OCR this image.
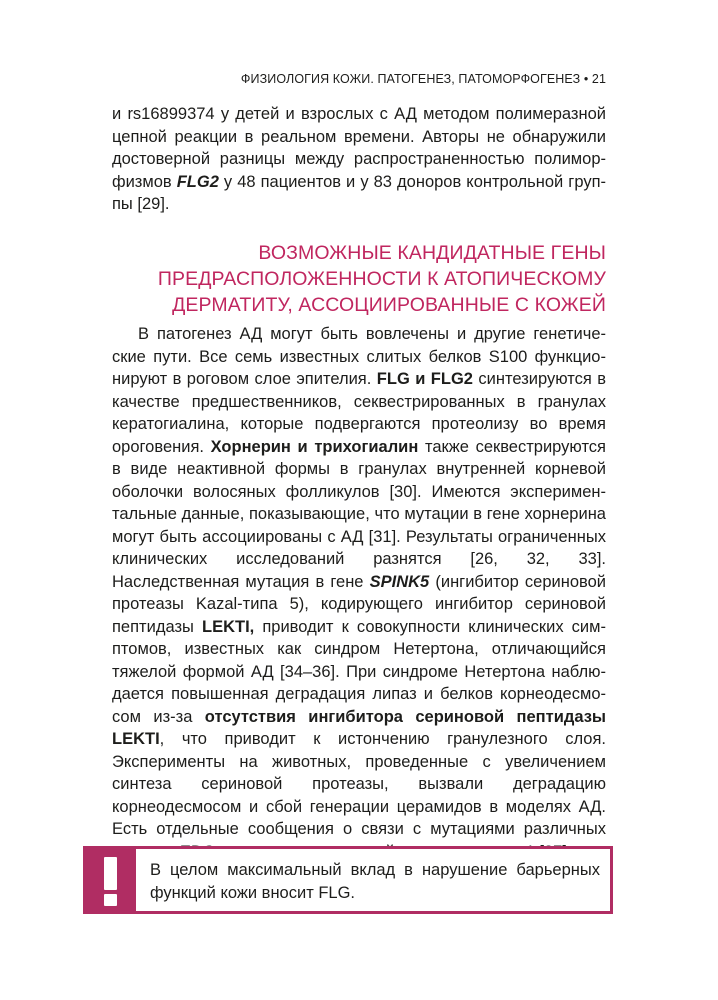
ФИЗИОЛОГИЯ КОЖИ. ПАТОГЕНЕЗ, ПАТОМОРФОГЕНЕЗ • 21
и rs16899374 у детей и взрослых с АД методом полимеразной цепной реакции в реальном времени. Авторы не обнаружили достоверной разницы между распространенностью полиморфизмов FLG2 у 48 пациентов и у 83 доноров контрольной группы [29].
ВОЗМОЖНЫЕ КАНДИДАТНЫЕ ГЕНЫ
ПРЕДРАСПОЛОЖЕННОСТИ К АТОПИЧЕСКОМУ
ДЕРМАТИТУ, АССОЦИИРОВАННЫЕ С КОЖЕЙ
В патогенез АД могут быть вовлечены и другие генетические пути. Все семь известных слитых белков S100 функционируют в роговом слое эпителия. FLG и FLG2 синтезируются в качестве предшественников, секвестрированных в гранулах кератогиалина, которые подвергаются протеолизу во время ороговения. Хорнерин и трихогиалин также секвестрируются в виде неактивной формы в гранулах внутренней корневой оболочки волосяных фолликулов [30]. Имеются экспериментальные данные, показывающие, что мутации в гене хорнерина могут быть ассоциированы с АД [31]. Результаты ограниченных клинических исследований разнятся [26, 32, 33]. Наследственная мутация в гене SPINK5 (ингибитор сериновой протеазы Kazal-типа 5), кодирующего ингибитор сериновой пептидазы LEKTI, приводит к совокупности клинических симптомов, известных как синдром Нетертона, отличающийся тяжелой формой АД [34–36]. При синдроме Нетертона наблюдается повышенная деградация липаз и белков корнеодесмосом из-за отсутствия ингибитора сериновой пептидазы LEKTI, что приводит к истончению гранулезного слоя. Эксперименты на животных, проведенные с увеличением синтеза сериновой протеазы, вызвали деградацию корнеодесмосом и сбой генерации церамидов в моделях АД. Есть отдельные сообщения о связи с мутациями различных
В целом максимальный вклад в нарушение барьерных функций кожи вносит FLG.
